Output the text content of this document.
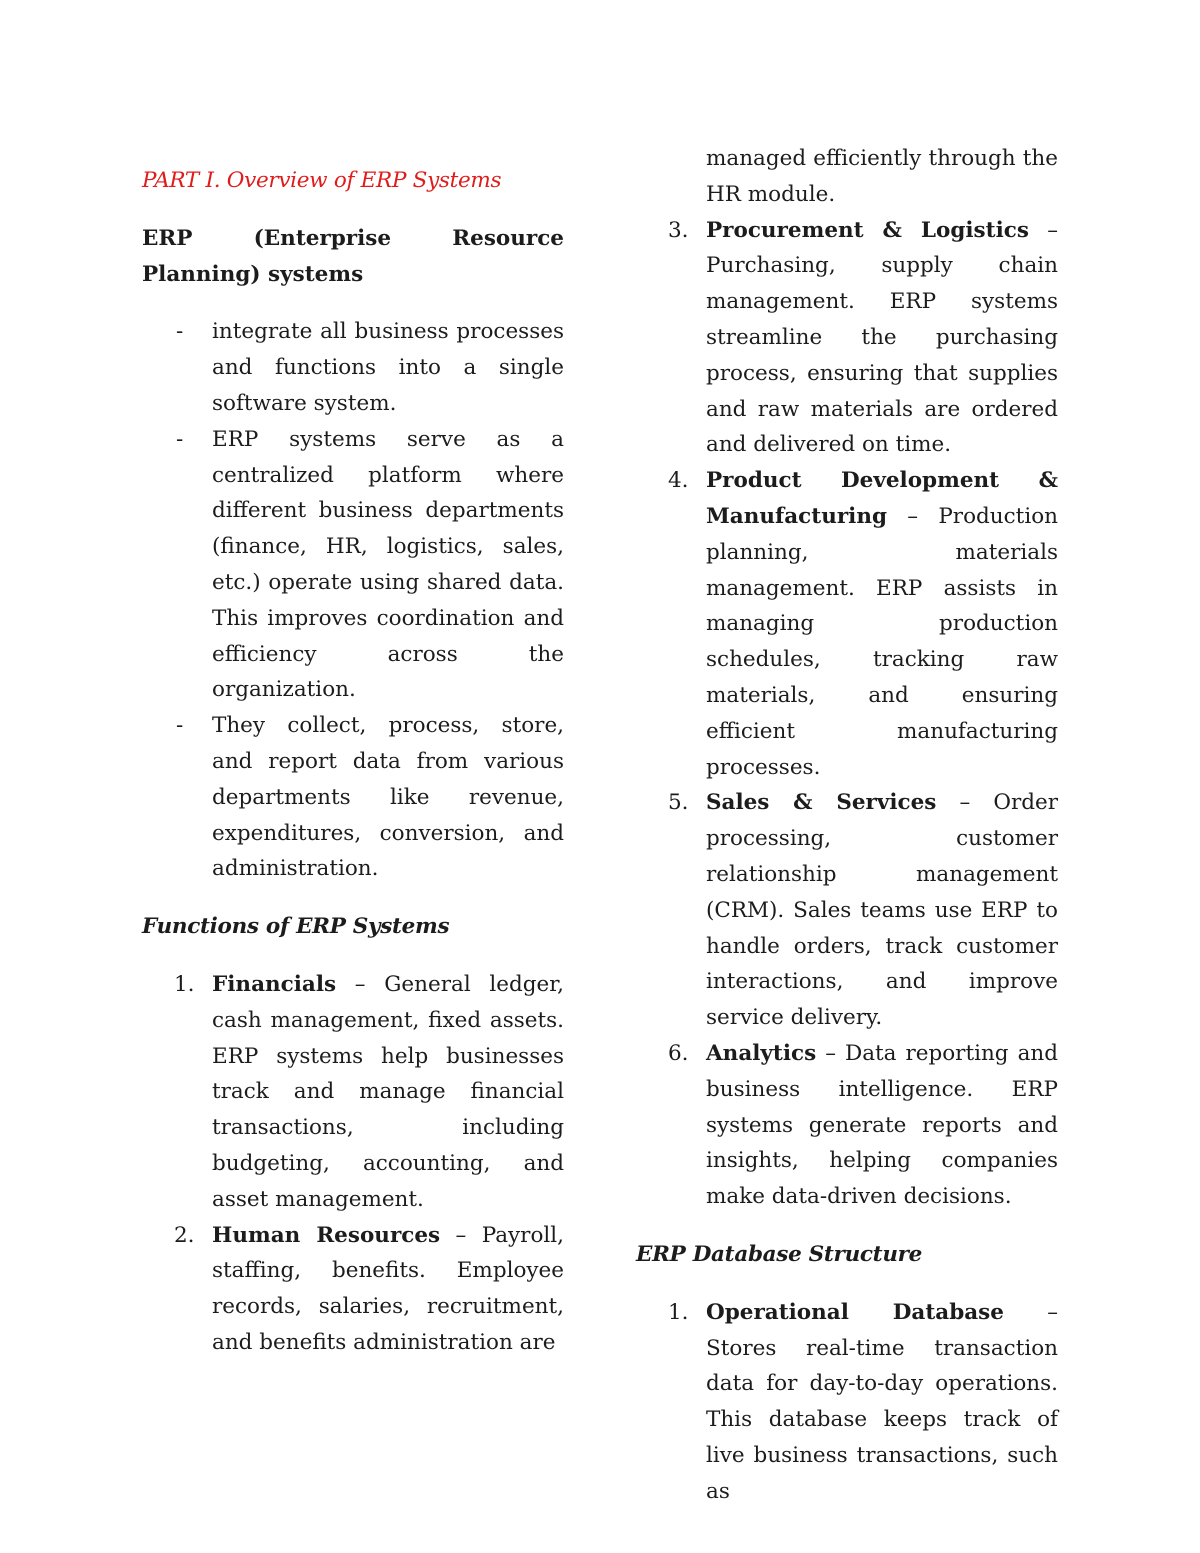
PART I. Overview of ERP Systems
ERP (Enterprise Resource Planning) systems
- integrate all business processes and functions into a single software system.
- ERP systems serve as a centralized platform where different business departments (finance, HR, logistics, sales, etc.) operate using shared data. This improves coordination and efficiency across the organization.
- They collect, process, store, and report data from various departments like revenue, expenditures, conversion, and administration.
Functions of ERP Systems
1. Financials – General ledger, cash management, fixed assets. ERP systems help businesses track and manage financial transactions, including budgeting, accounting, and asset management.
2. Human Resources – Payroll, staffing, benefits. Employee records, salaries, recruitment, and benefits administration are
managed efficiently through the HR module.
3. Procurement & Logistics – Purchasing, supply chain management. ERP systems streamline the purchasing process, ensuring that supplies and raw materials are ordered and delivered on time.
4. Product Development & Manufacturing – Production planning, materials management. ERP assists in managing production schedules, tracking raw materials, and ensuring efficient manufacturing processes.
5. Sales & Services – Order processing, customer relationship management (CRM). Sales teams use ERP to handle orders, track customer interactions, and improve service delivery.
6. Analytics – Data reporting and business intelligence. ERP systems generate reports and insights, helping companies make data-driven decisions.
ERP Database Structure
1. Operational Database – Stores real-time transaction data for day-to-day operations. This database keeps track of live business transactions, such as
